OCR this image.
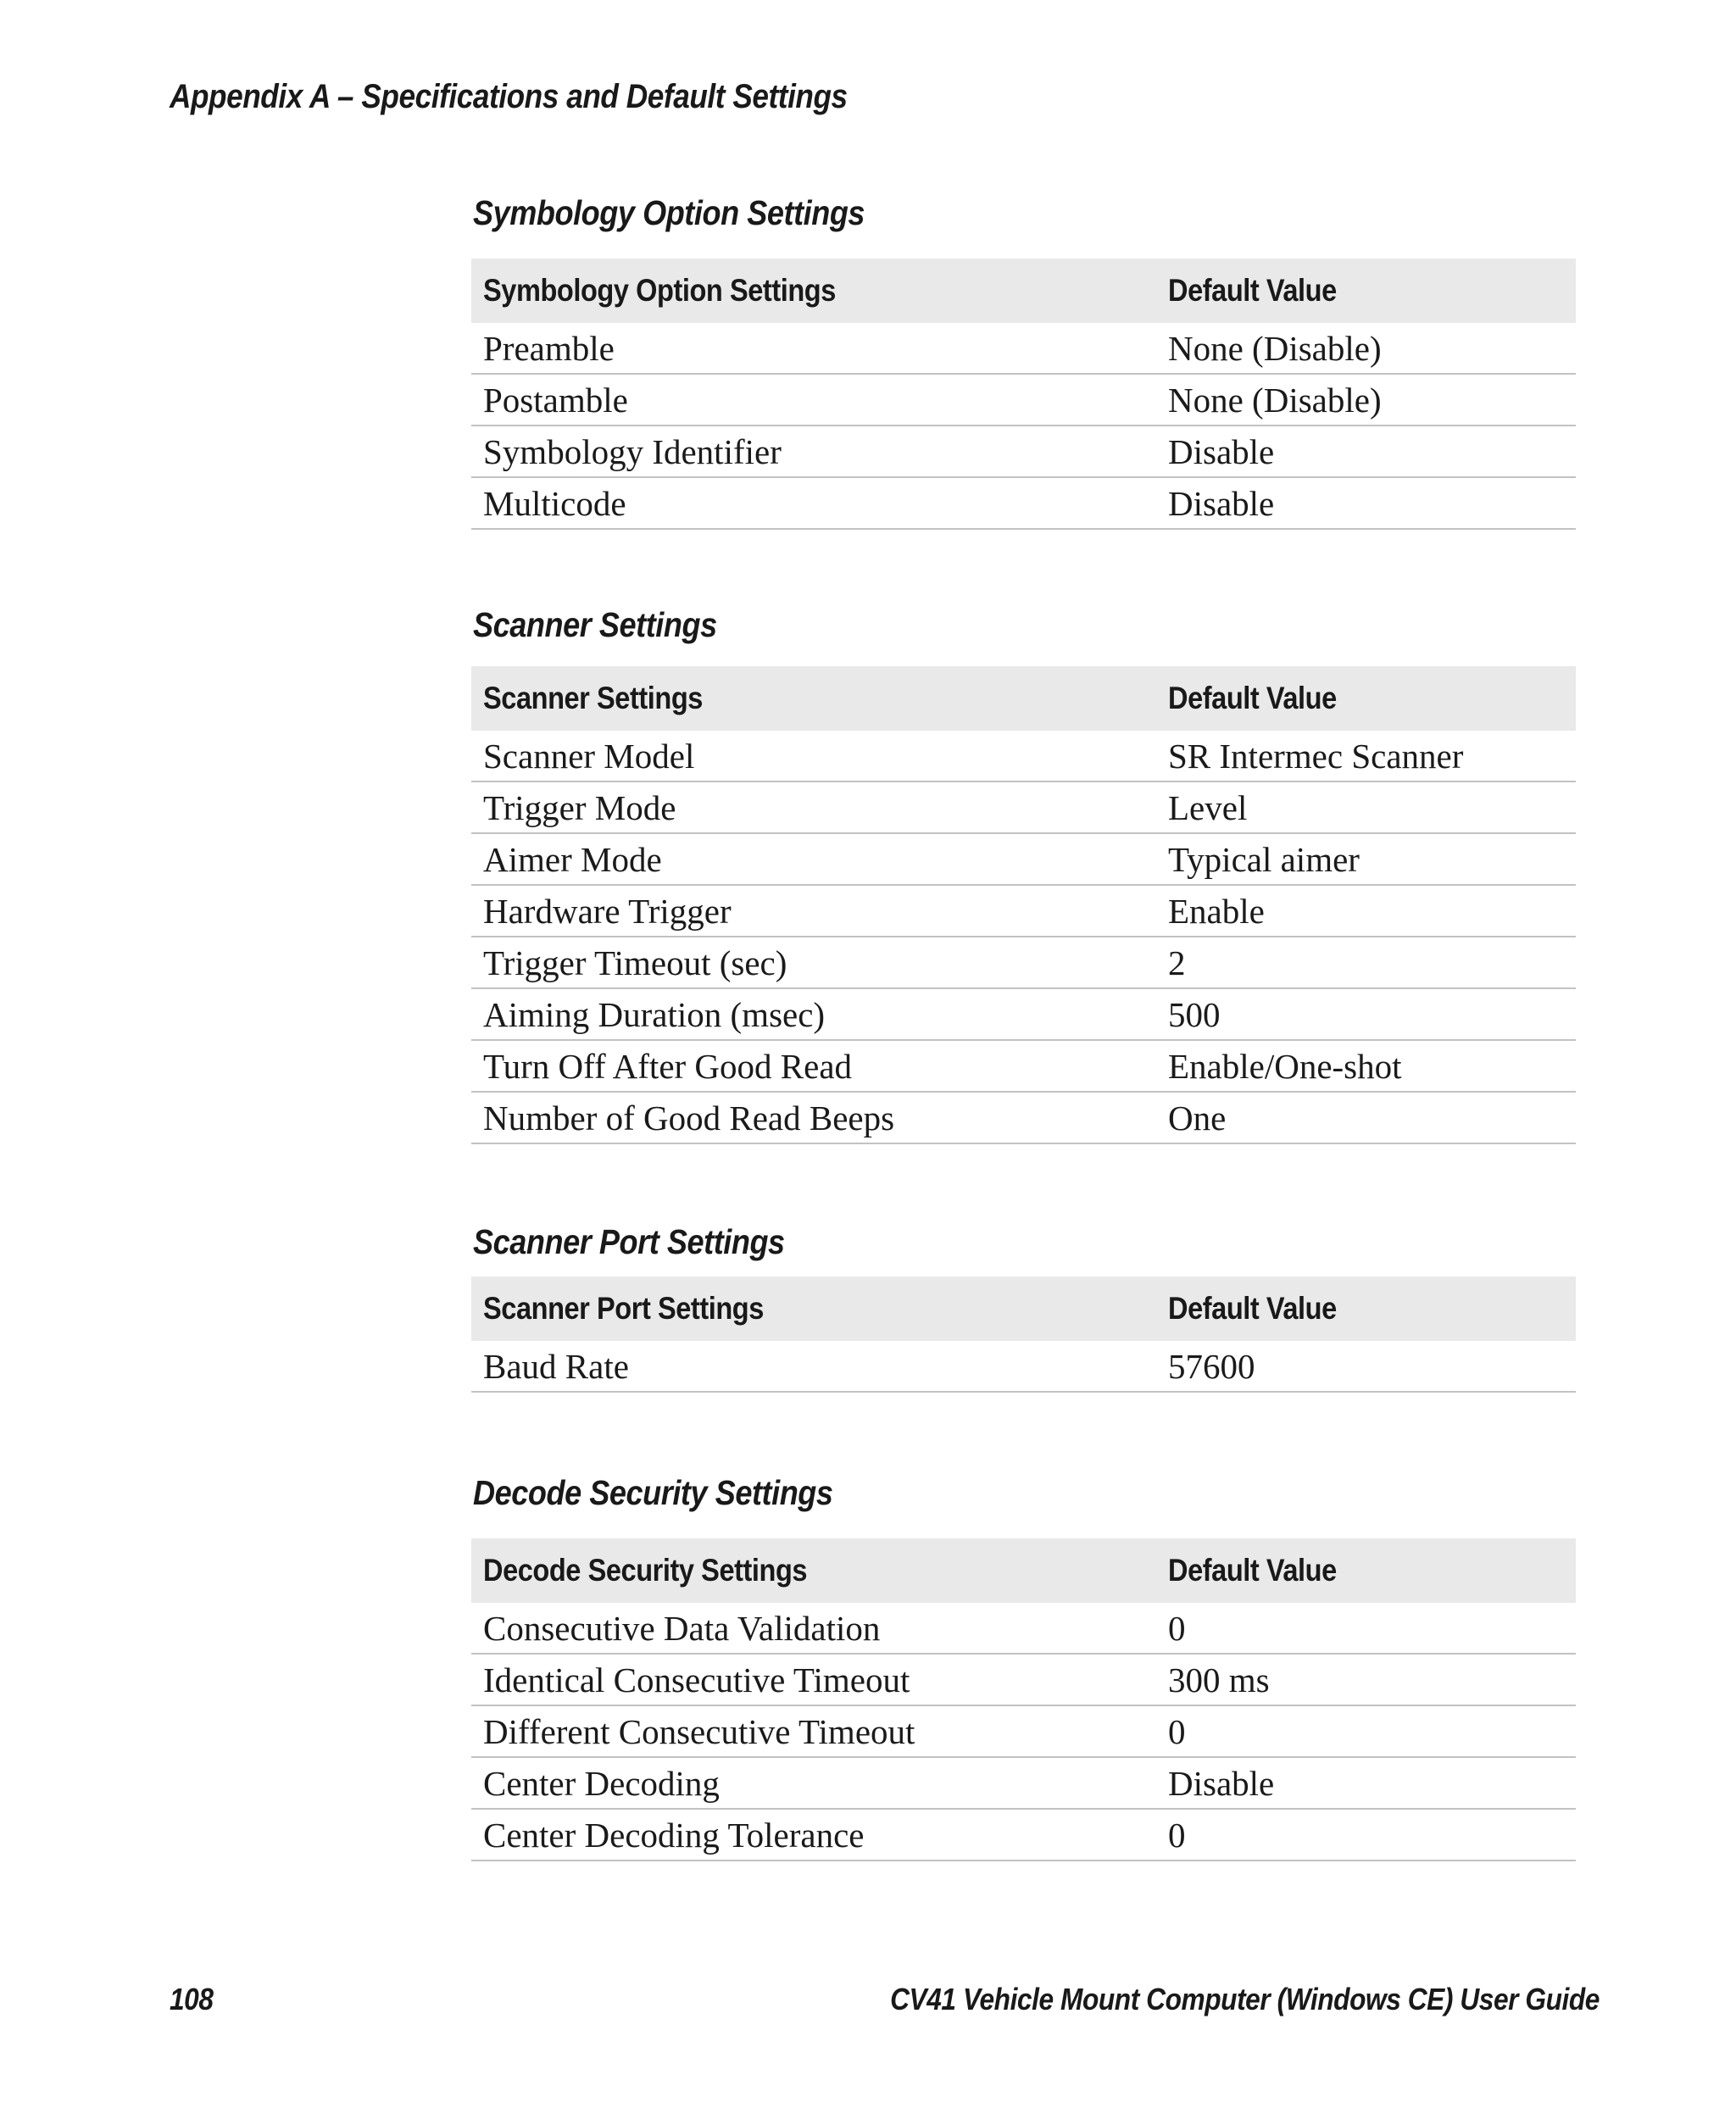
Appendix A – Specifications and Default Settings
Symbology Option Settings
Symbology Option Settings	Default Value
Preamble	None (Disable)
Postamble	None (Disable)
Symbology Identifier	Disable
Multicode	Disable
Scanner Settings
Scanner Settings	Default Value
Scanner Model	SR Intermec Scanner
Trigger Mode	Level
Aimer Mode	Typical aimer
Hardware Trigger	Enable
Trigger Timeout (sec)	2
Aiming Duration (msec)	500
Turn Off After Good Read	Enable/One-shot
Number of Good Read Beeps	One
Scanner Port Settings
Scanner Port Settings	Default Value
Baud Rate	57600
Decode Security Settings
Decode Security Settings	Default Value
Consecutive Data Validation	0
Identical Consecutive Timeout	300 ms
Different Consecutive Timeout	0
Center Decoding	Disable
Center Decoding Tolerance	0
108	CV41 Vehicle Mount Computer (Windows CE) User Guide
